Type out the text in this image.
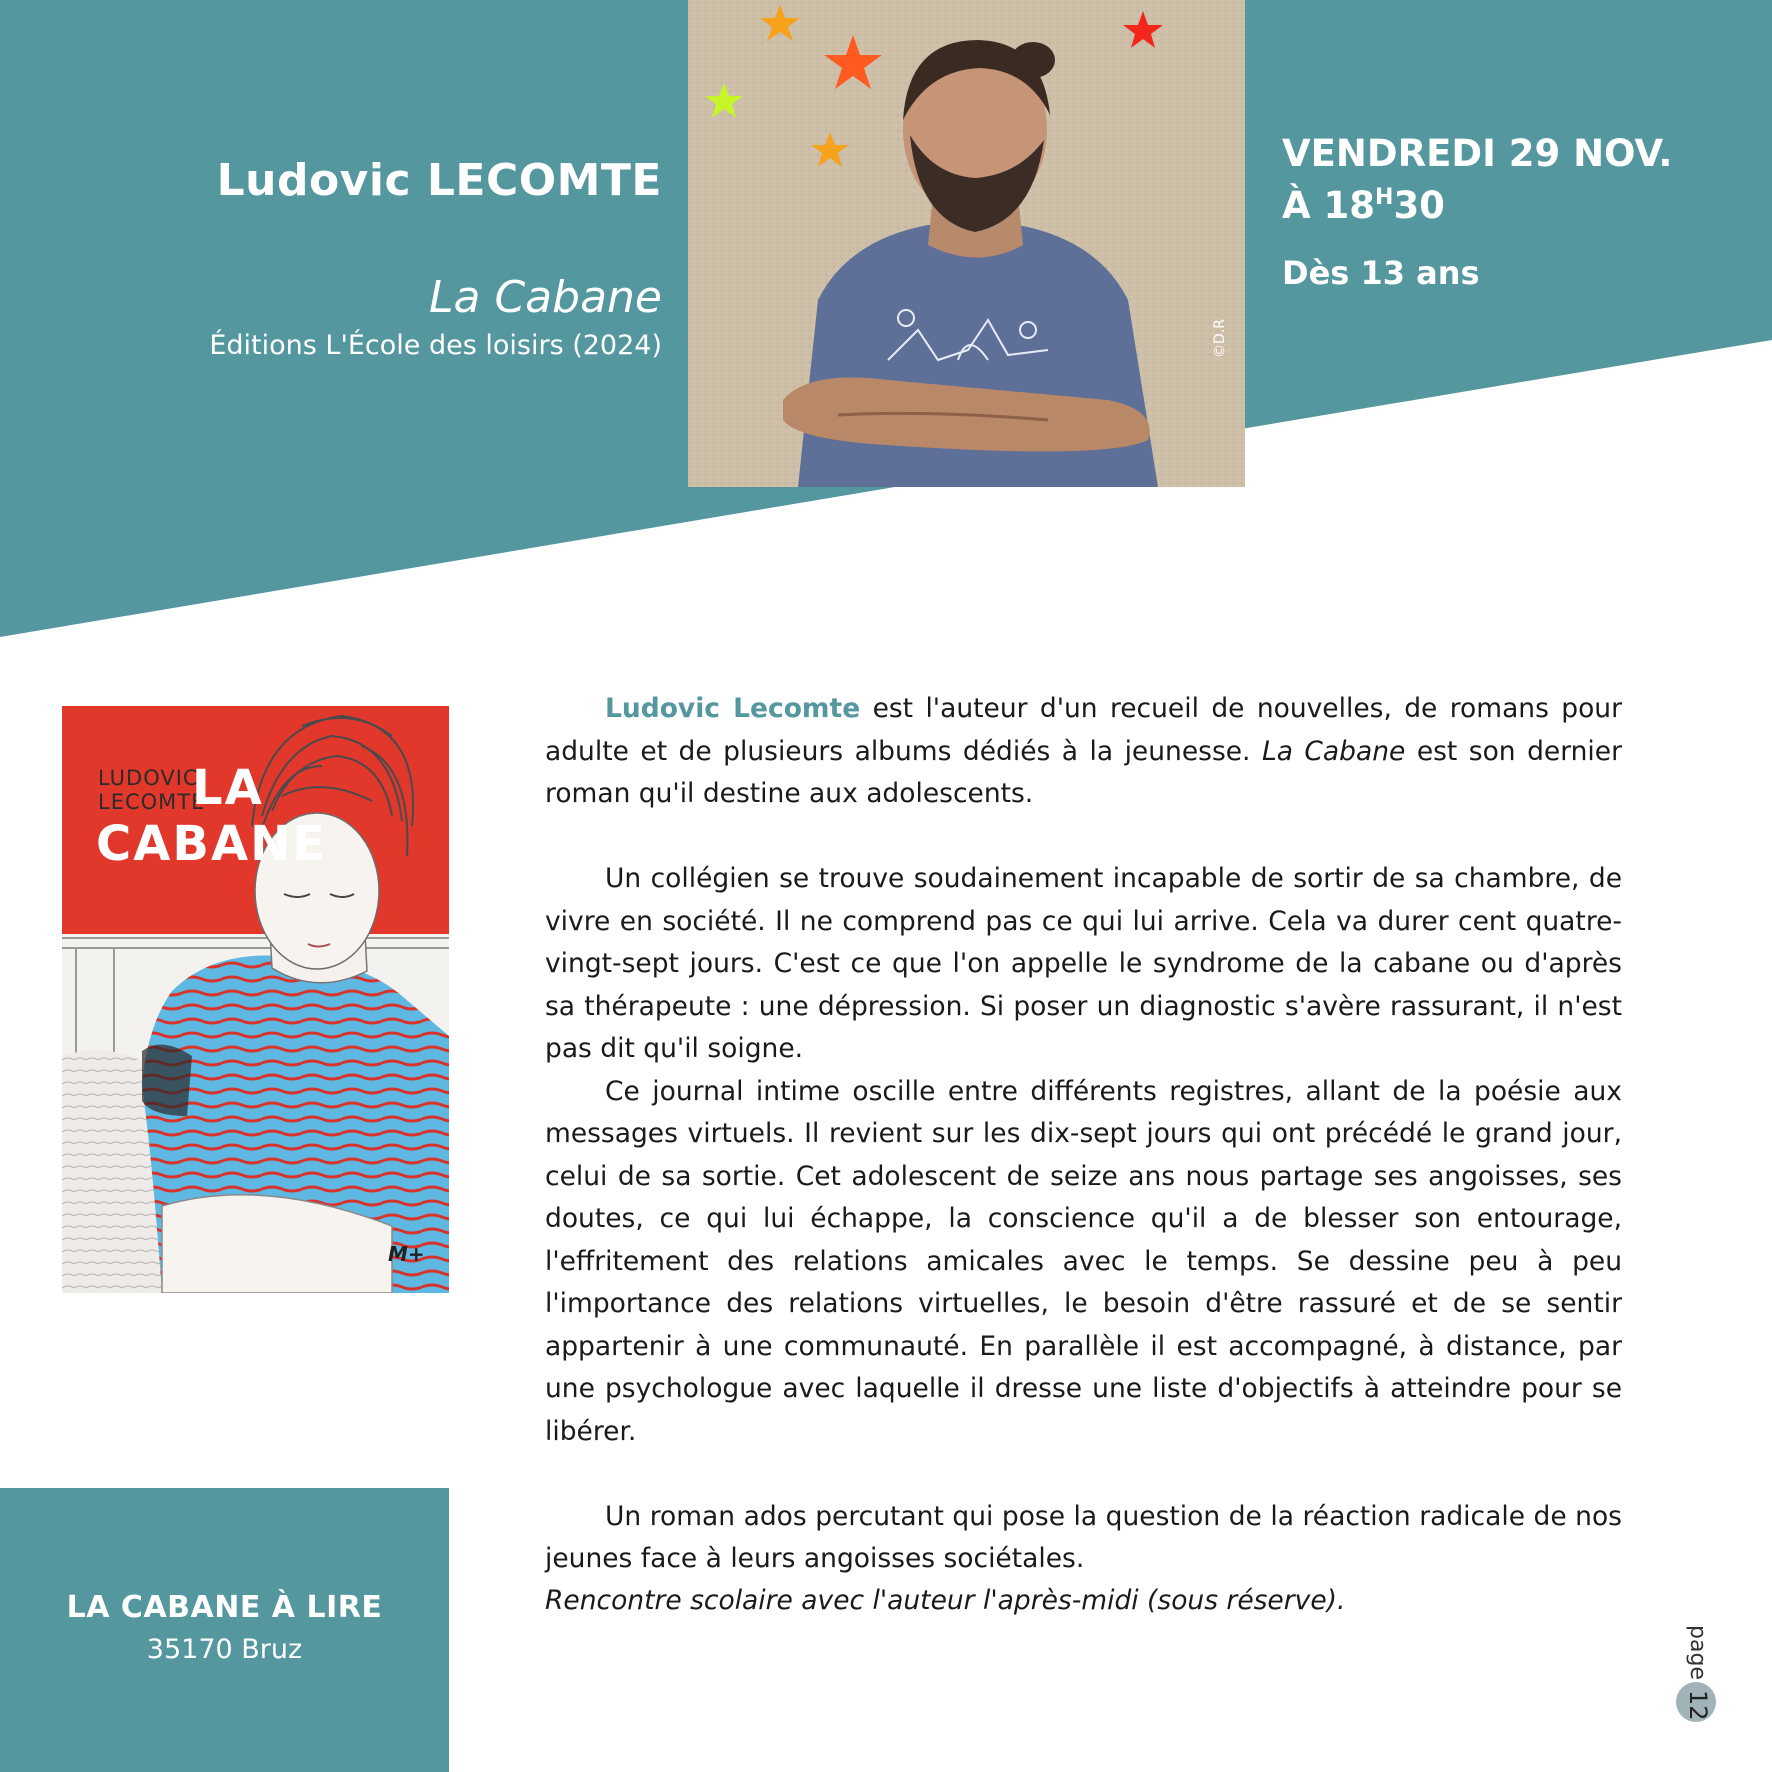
Ludovic LECOMTE
La Cabane
Éditions L'École des loisirs (2024)	©D.R
VENDREDI 29 NOV.
À $18^H30$
Dès 13 ans
LUDOVIC
LECOMTE
LA
CABANE
M+

Ludovic Lecomte est l'auteur d'un recueil de nouvelles, de romans pour adulte et de plusieurs albums dédiés à la jeunesse. La Cabane est son dernier roman qu'il destine aux adolescents.

Un collégien se trouve soudainement incapable de sortir de sa chambre, de vivre en société. Il ne comprend pas ce qui lui arrive. Cela va durer cent quatre-vingt-sept jours. C'est ce que l'on appelle le syndrome de la cabane ou d'après sa thérapeute : une dépression. Si poser un diagnostic s'avère rassurant, il n'est pas dit qu'il soigne.

Ce journal intime oscille entre différents registres, allant de la poésie aux messages virtuels. Il revient sur les dix-sept jours qui ont précédé le grand jour, celui de sa sortie. Cet adolescent de seize ans nous partage ses angoisses, ses doutes, ce qui lui échappe, la conscience qu'il a de blesser son entourage, l'effritement des relations amicales avec le temps. Se dessine peu à peu l'importance des relations virtuelles, le besoin d'être rassuré et de se sentir appartenir à une communauté. En parallèle il est accompagné, à distance, par une psychologue avec laquelle il dresse une liste d'objectifs à atteindre pour se libérer.

Un roman ados percutant qui pose la question de la réaction radicale de nos jeunes face à leurs angoisses sociétales.

Rencontre scolaire avec l'auteur l'après-midi (sous réserve).
LA CABANE À LIRE
35170 Bruz	page
12
